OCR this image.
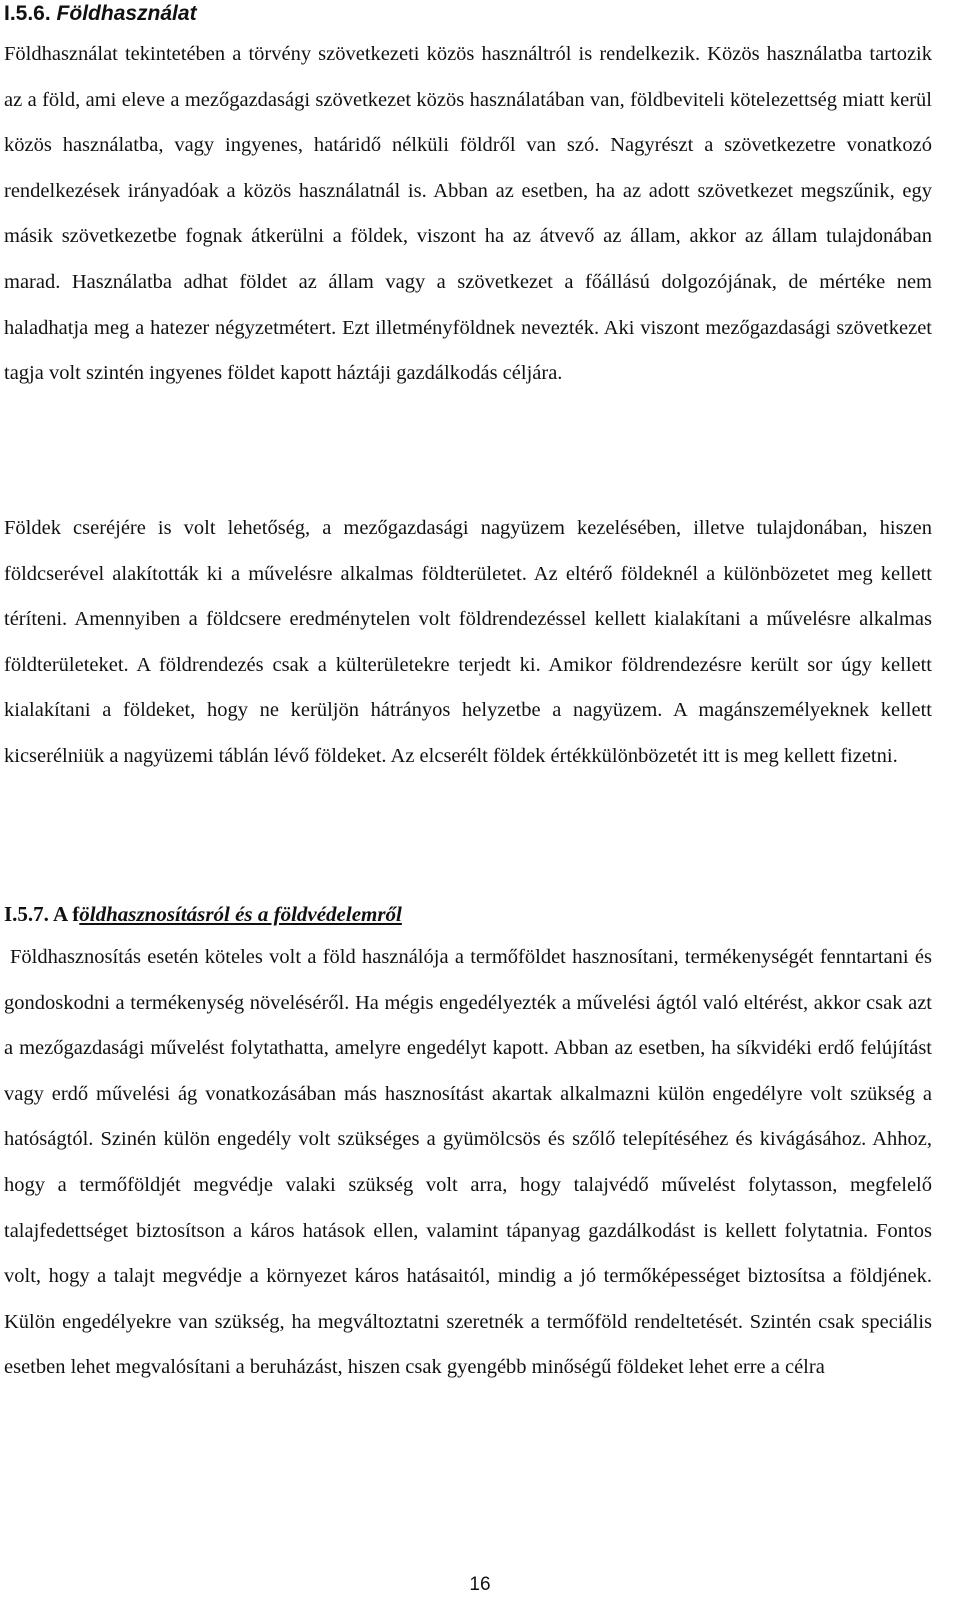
I.5.6. Földhasználat

Földhasználat tekintetében a törvény szövetkezeti közös használtról is rendelkezik. Közös használatba tartozik az a föld, ami eleve a mezőgazdasági szövetkezet közös használatában van, földbeviteli kötelezettség miatt kerül közös használatba, vagy ingyenes, határidő nélküli földről van szó. Nagyrészt a szövetkezetre vonatkozó rendelkezések irányadóak a közös használatnál is. Abban az esetben, ha az adott szövetkezet megszűnik, egy másik szövetkezetbe fognak átkerülni a földek, viszont ha az átvevő az állam, akkor az állam tulajdonában marad. Használatba adhat földet az állam vagy a szövetkezet a főállású dolgozójának, de mértéke nem haladhatja meg a hatezer négyzetmétert. Ezt illetményföldnek nevezték. Aki viszont mezőgazdasági szövetkezet tagja volt szintén ingyenes földet kapott háztáji gazdálkodás céljára.

Földek cseréjére is volt lehetőség, a mezőgazdasági nagyüzem kezelésében, illetve tulajdonában, hiszen földcserével alakították ki a művelésre alkalmas földterületet. Az eltérő földeknél a különbözetet meg kellett téríteni. Amennyiben a földcsere eredménytelen volt földrendezéssel kellett kialakítani a művelésre alkalmas földterületeket. A földrendezés csak a külterületekre terjedt ki. Amikor földrendezésre került sor úgy kellett kialakítani a földeket, hogy ne kerüljön hátrányos helyzetbe a nagyüzem. A magánszemélyeknek kellett kicserélniük a nagyüzemi táblán lévő földeket. Az elcserélt földek értékkülönbözetét itt is meg kellett fizetni.

I.5.7. A földhasznosításról és a földvédelemről

Földhasznosítás esetén köteles volt a föld használója a termőföldet hasznosítani, termékenységét fenntartani és gondoskodni a termékenység növeléséről. Ha mégis engedélyezték a művelési ágtól való eltérést, akkor csak azt a mezőgazdasági művelést folytathatta, amelyre engedélyt kapott. Abban az esetben, ha síkvidéki erdő felújítást vagy erdő művelési ág vonatkozásában más hasznosítást akartak alkalmazni külön engedélyre volt szükség a hatóságtól. Szinén külön engedély volt szükséges a gyümölcsös és szőlő telepítéséhez és kivágásához. Ahhoz, hogy a termőföldjét megvédje valaki szükség volt arra, hogy talajvédő művelést folytasson, megfelelő talajfedettséget biztosítson a káros hatások ellen, valamint tápanyag gazdálkodást is kellett folytatnia. Fontos volt, hogy a talajt megvédje a környezet káros hatásaitól, mindig a jó termőképességet biztosítsa a földjének. Külön engedélyekre van szükség, ha megváltoztatni szeretnék a termőföld rendeltetését. Szintén csak speciális esetben lehet megvalósítani a beruházást, hiszen csak gyengébb minőségű földeket lehet erre a célra

16
